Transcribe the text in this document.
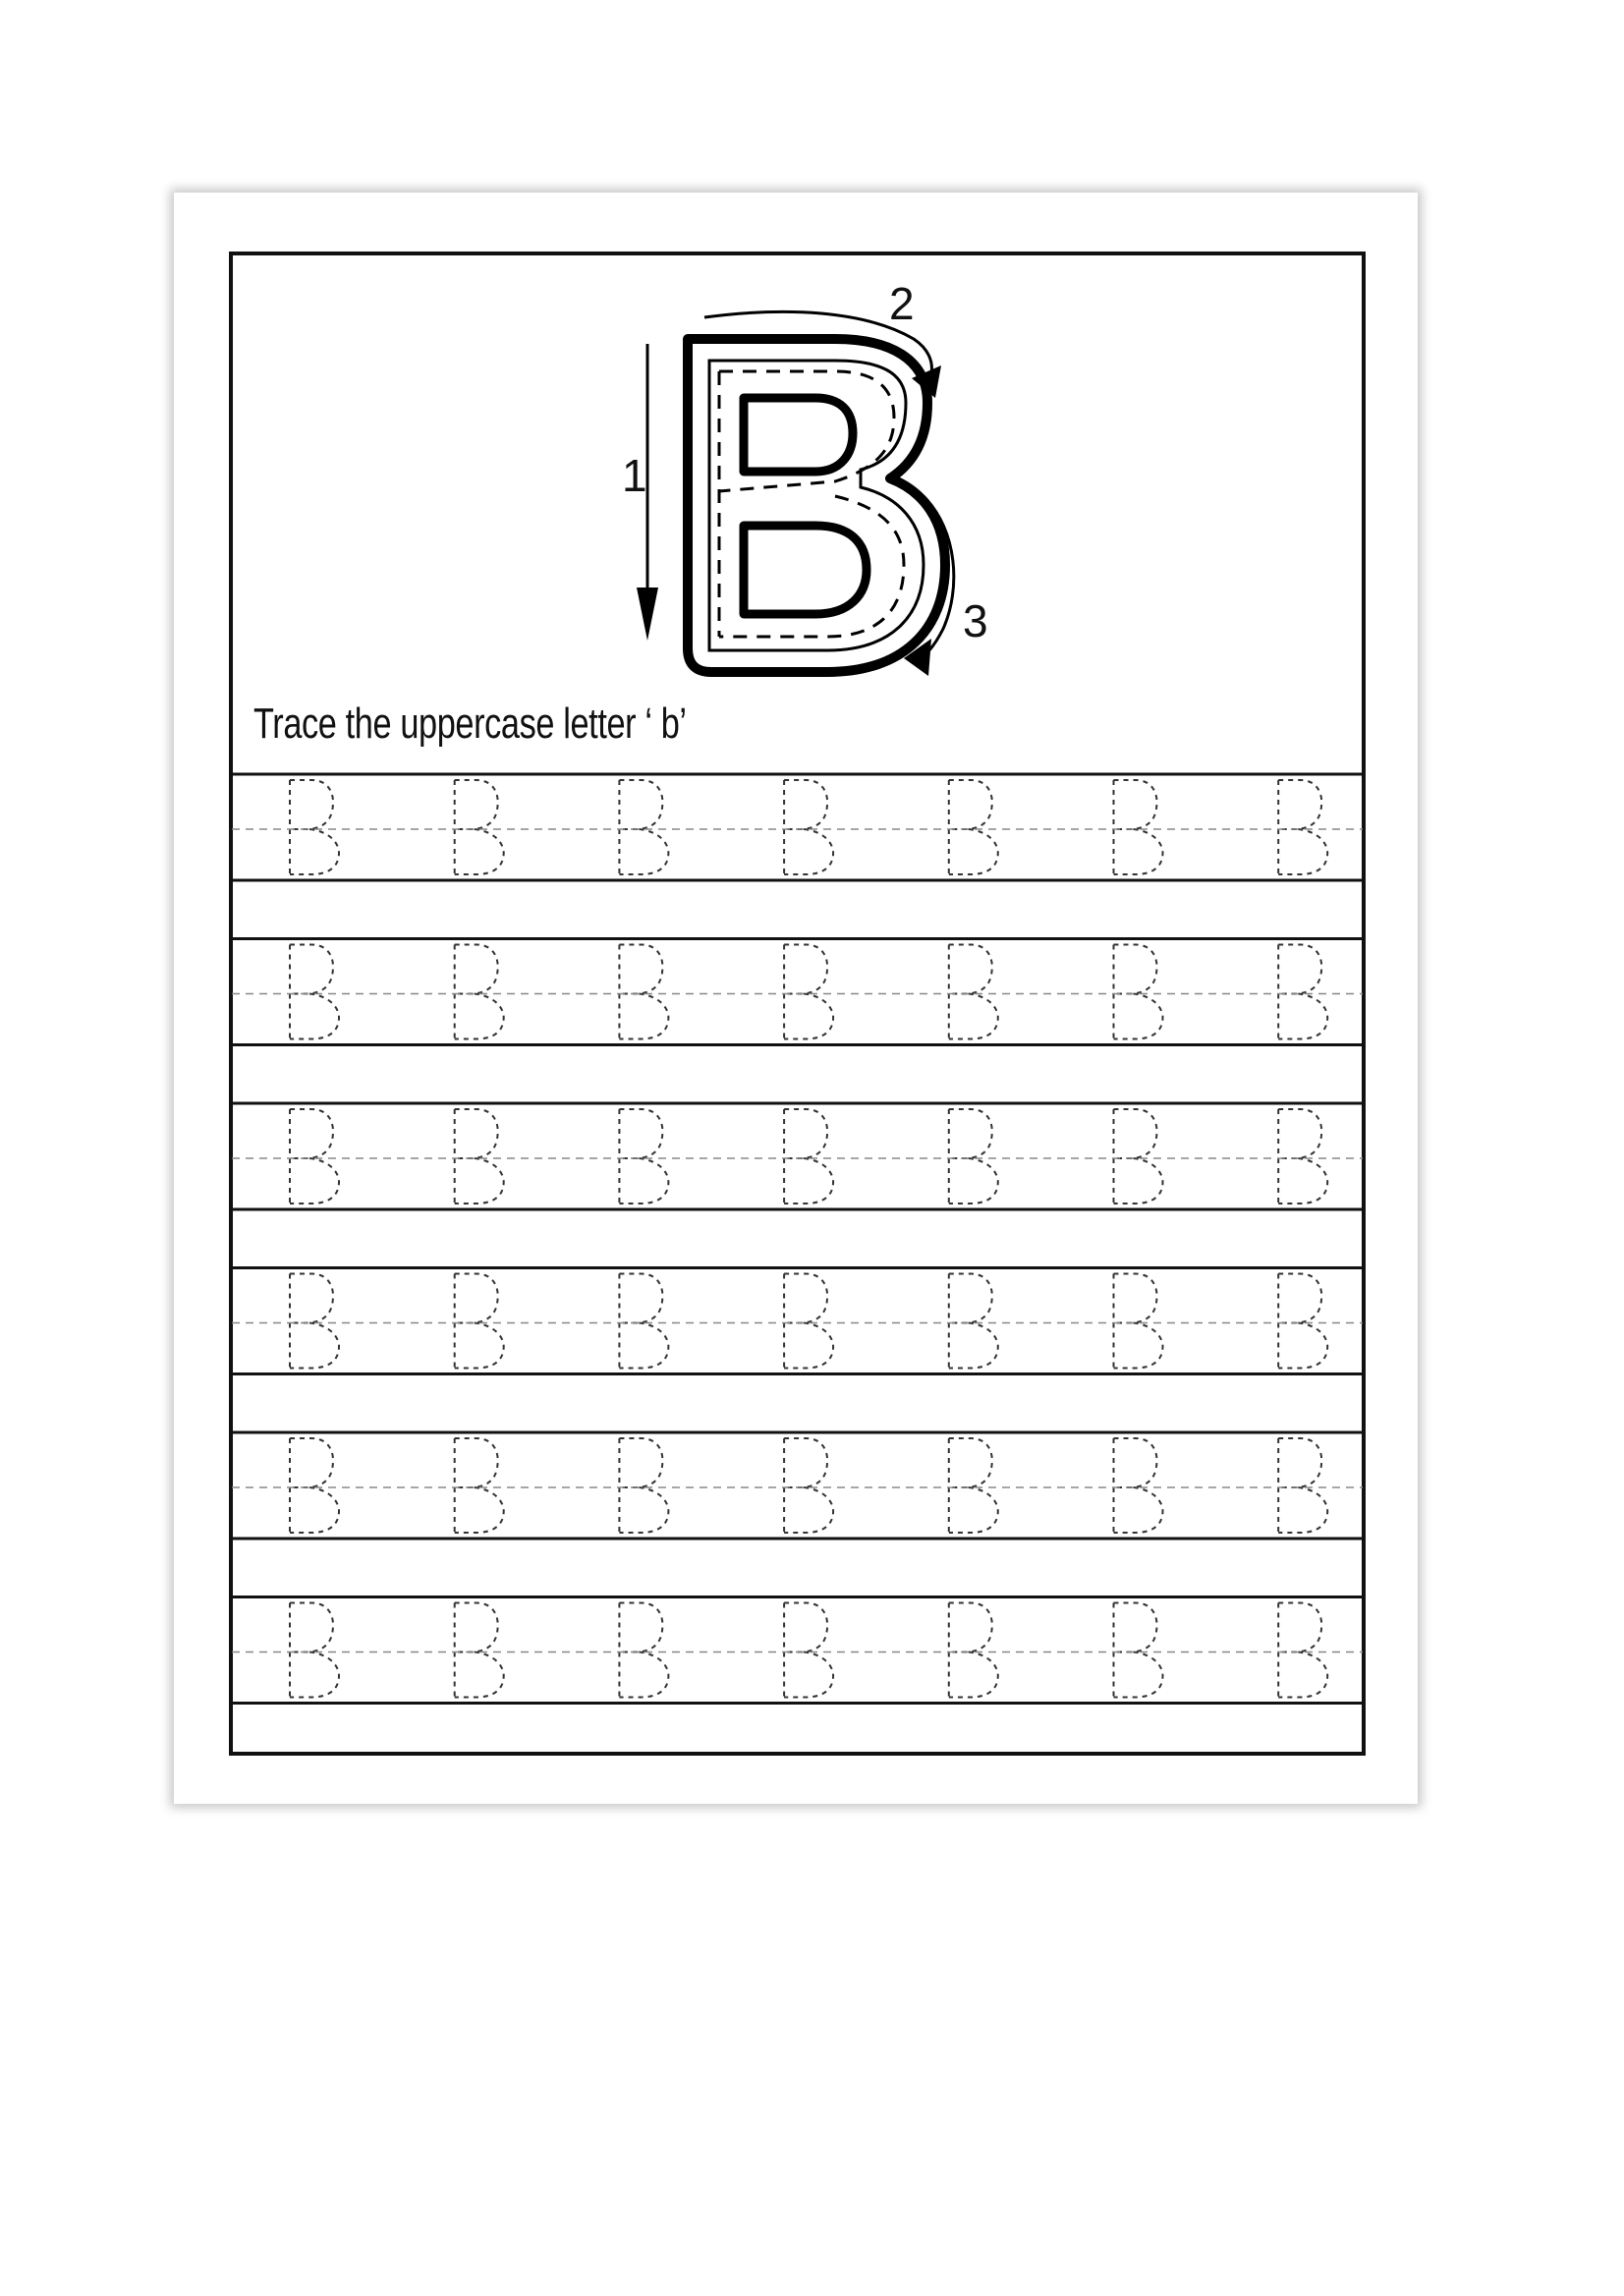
1
2
3
Trace the uppercase letter ‘ b’
